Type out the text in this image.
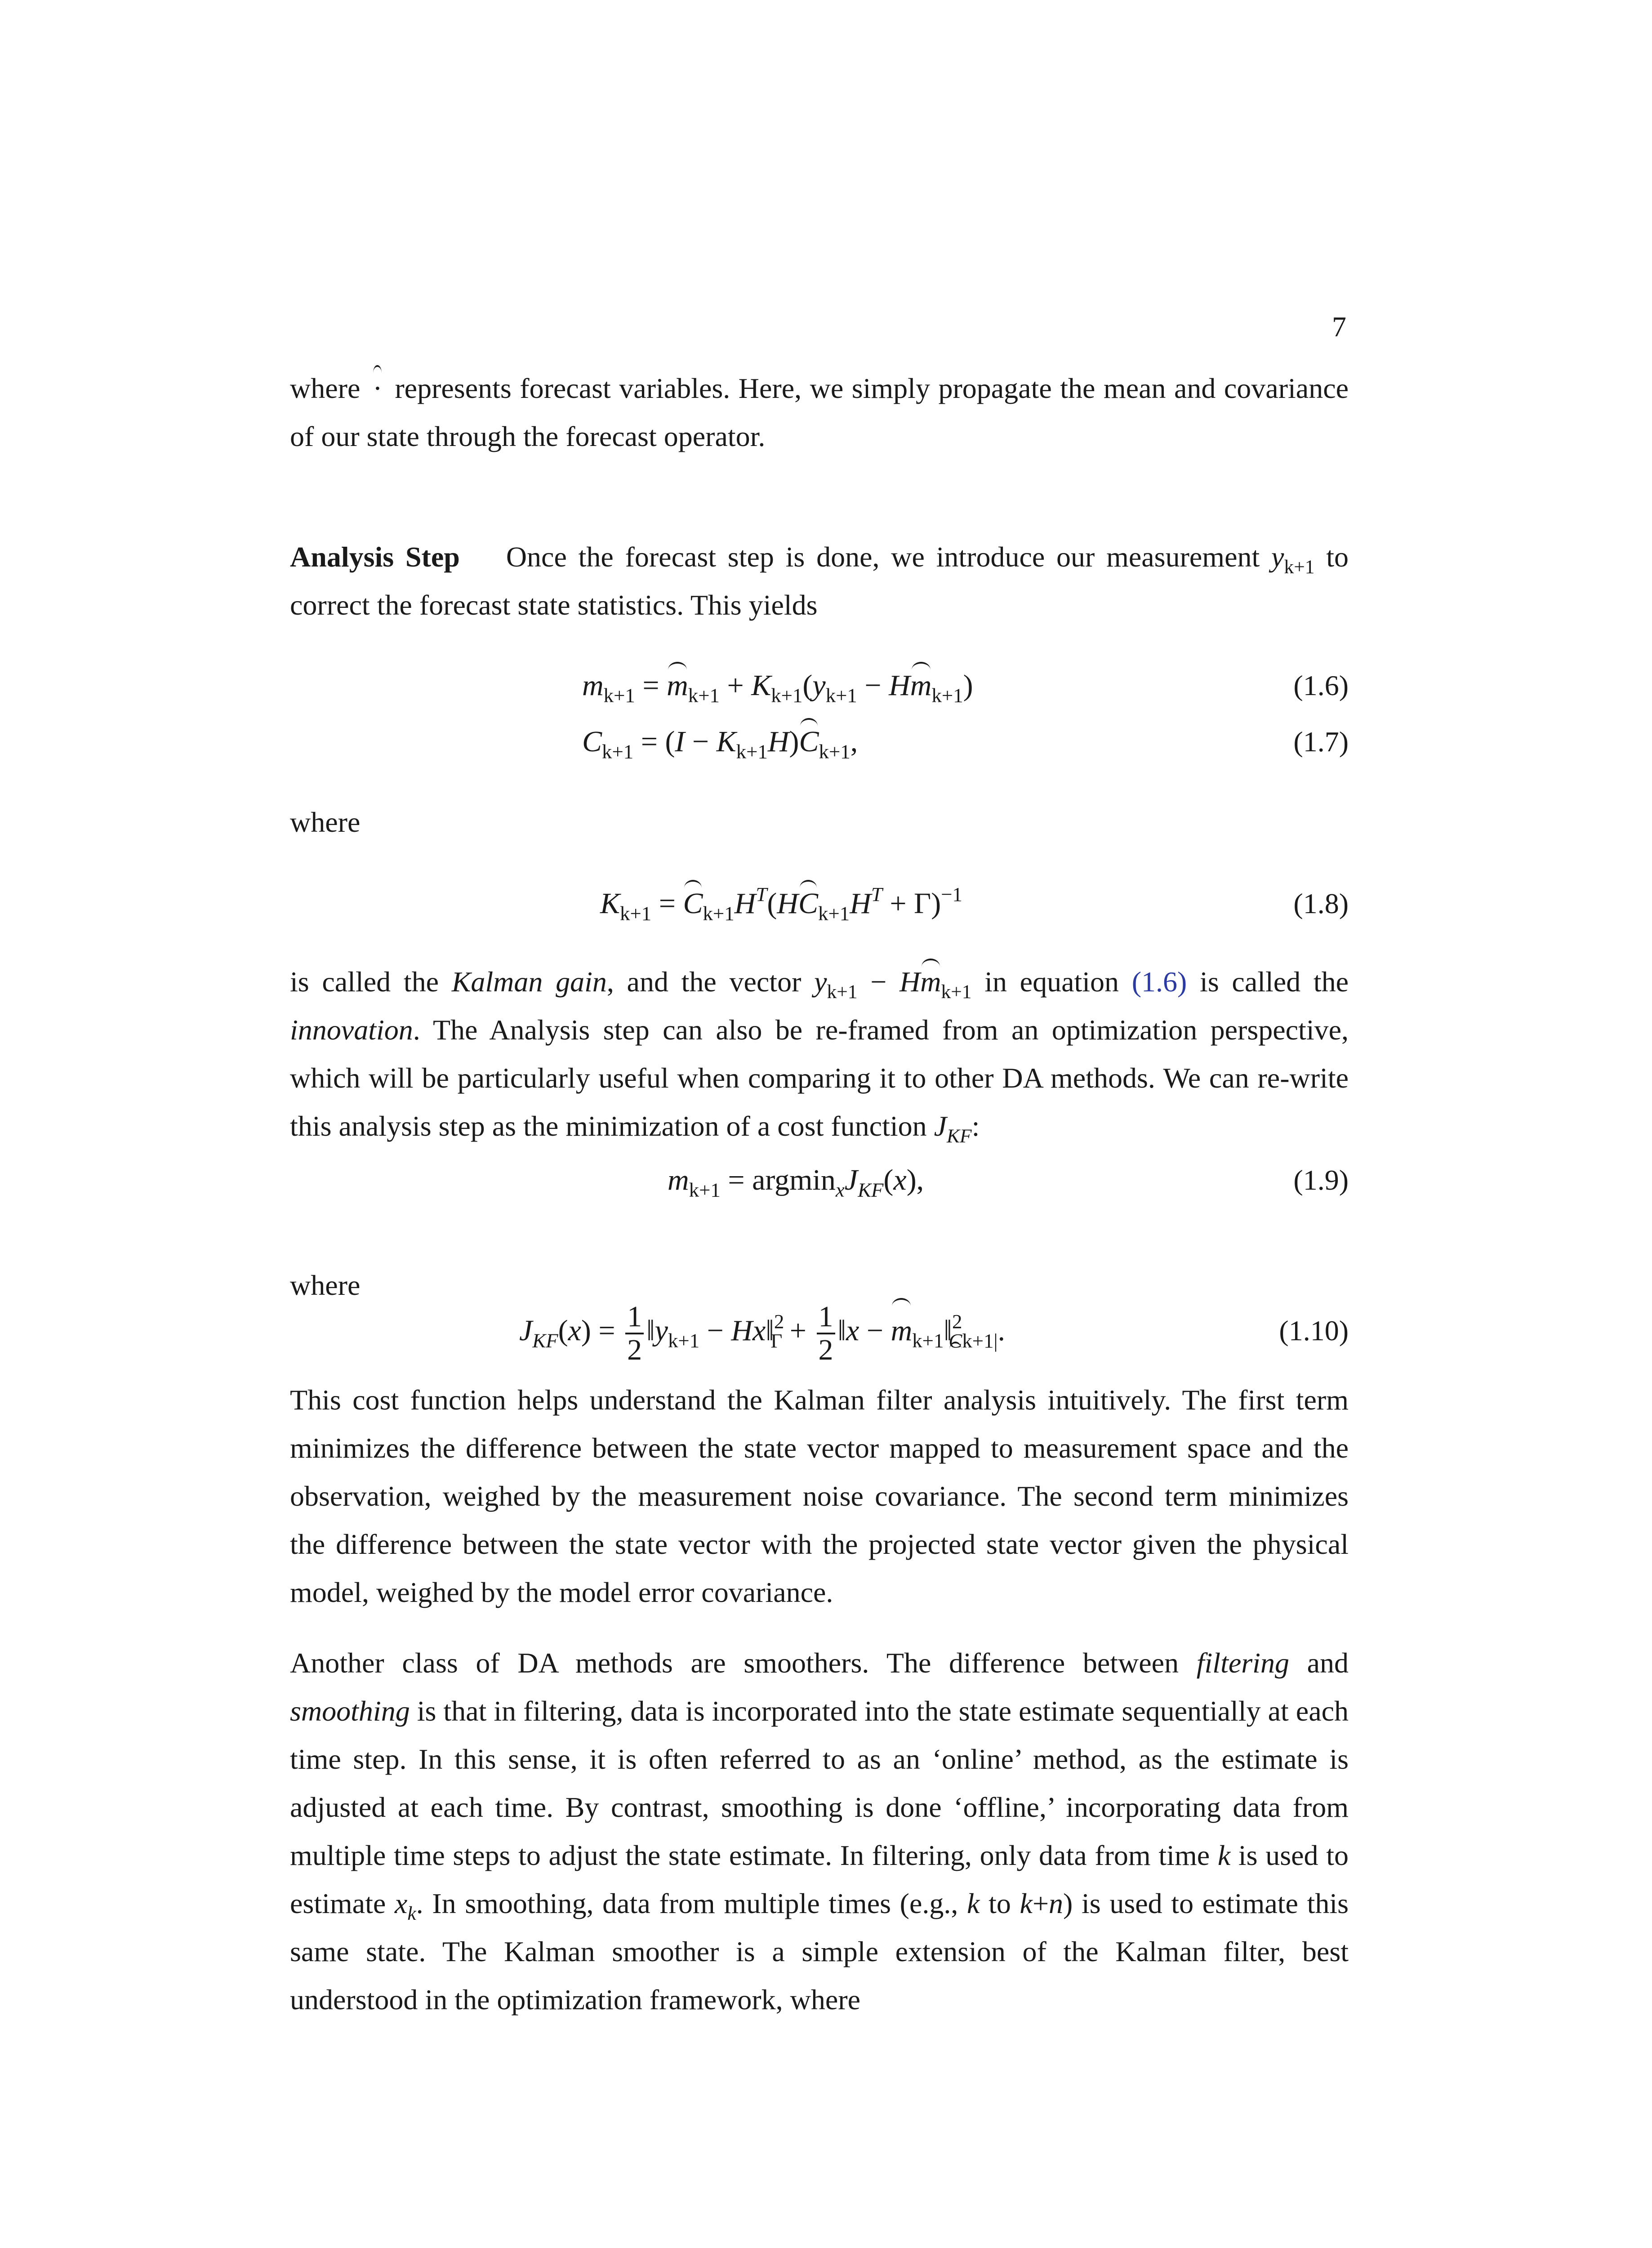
7

where · represents forecast variables. Here, we simply propagate the mean and covariance of our state through the forecast operator.

Analysis Step Once the forecast step is done, we introduce our measurement $y_{k+1}$ to correct the forecast state statistics. This yields

$m_{k+1} = m_{k+1} + K_{k+1}(y_{k+1} - Hm_{k+1})$	(1.6)
$C_{k+1} = (I - K_{k+1}H)C_{k+1}$,	(1.7)

where

$K_{k+1} = C_{k+1}H^T(HC_{k+1}H^T + \Gamma)^{-1}$	(1.8)

is called the Kalman gain, and the vector $y_{k+1} - Hm_{k+1}$ in equation (1.6) is called the innovation. The Analysis step can also be re-framed from an optimization perspective, which will be particularly useful when comparing it to other DA methods. We can re-write this analysis step as the minimization of a cost function $J_{KF}$:

$m_{k+1} = argmin_xJ_{KF}(x)$,	(1.9)

where

$J_{KF}(x) = \frac{1}{2}$ $‖y_{k+1}$ − Hx‖$^2_\Gamma$ + $\frac{1}{2}$ ‖x − $m_{k+1}‖^2_{Ck+1|}$.	(1.10)

This cost function helps understand the Kalman filter analysis intuitively. The first term minimizes the difference between the state vector mapped to measurement space and the observation, weighed by the measurement noise covariance. The second term minimizes the difference between the state vector with the projected state vector given the physical model, weighed by the model error covariance.

Another class of DA methods are smoothers. The difference between filtering and smoothing is that in filtering, data is incorporated into the state estimate sequentially at each time step. In this sense, it is often referred to as an ‘online’ method, as the estimate is adjusted at each time. By contrast, smoothing is done ‘offline,’ incorporating data from multiple time steps to adjust the state estimate. In filtering, only data from time k is used to estimate $x_k$. In smoothing, data from multiple times (e.g., k to k+n) is used to estimate this same state. The Kalman smoother is a simple extension of the Kalman filter, best understood in the optimization framework, where
